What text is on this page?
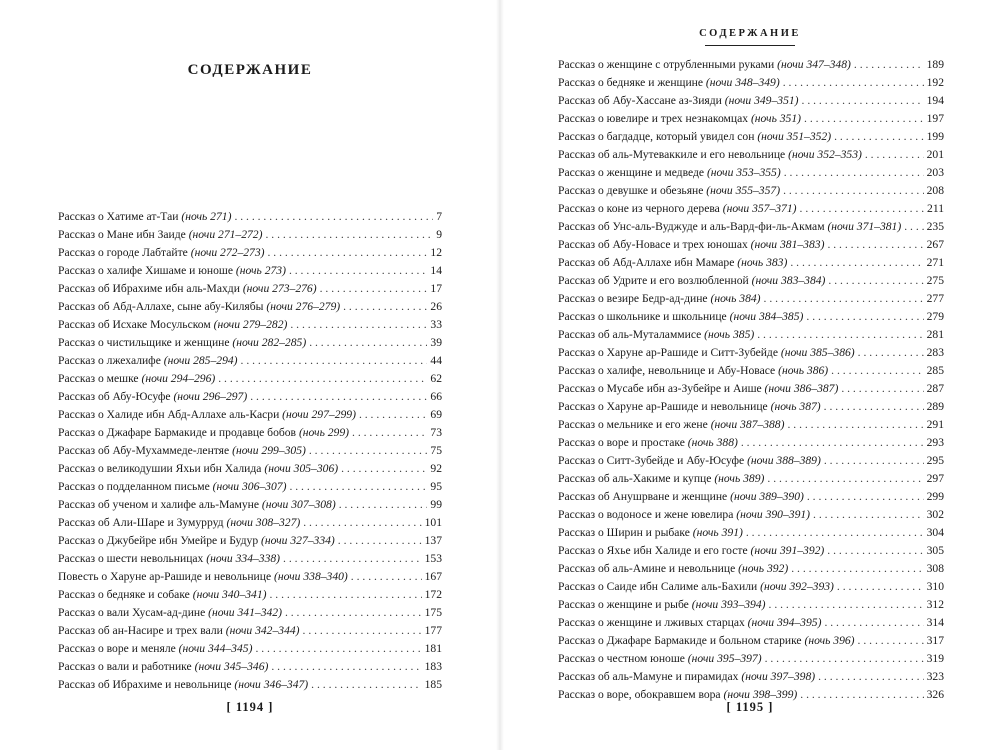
СОДЕРЖАНИЕ
Рассказ о Хатиме ат-Таи (ночь 271) . . .	7
Рассказ о Мане ибн Заиде (ночи 271–272) . . .	9
Рассказ о городе Лабтайте (ночи 272–273) . . .	12
Рассказ о халифе Хишаме и юноше (ночь 273) . . .	14
Рассказ об Ибрахиме ибн аль-Махди (ночи 273–276) . . .	17
Рассказ об Абд-Аллахе, сыне абу-Килябы (ночи 276–279) . . .	26
Рассказ об Исхаке Мосульском (ночи 279–282) . . .	33
Рассказ о чистильщике и женщине (ночи 282–285) . . .	39
Рассказ о лжехалифе (ночи 285–294) . . .	44
Рассказ о мешке (ночи 294–296) . . .	62
Рассказ об Абу-Юсуфе (ночи 296–297) . . .	66
Рассказ о Халиде ибн Абд-Аллахе аль-Касри (ночи 297–299) . . .	69
Рассказ о Джафаре Бармакиде и продавце бобов (ночь 299) . . .	73
Рассказ об Абу-Мухаммеде-лентяе (ночи 299–305) . . .	75
Рассказ о великодушии Яхьи ибн Халида (ночи 305–306) . . .	92
Рассказ о подделанном письме (ночи 306–307) . . .	95
Рассказ об ученом и халифе аль-Мамуне (ночи 307–308) . . .	99
Рассказ об Али-Шаре и Зумурруд (ночи 308–327) . . .	101
Рассказ о Джубейре ибн Умейре и Будур (ночи 327–334) . . .	137
Рассказ о шести невольницах (ночи 334–338) . . .	153
Повесть о Харуне ар-Рашиде и невольнице (ночи 338–340) . . .	167
Рассказ о бедняке и собаке (ночи 340–341) . . .	172
Рассказ о вали Хусам-ад-дине (ночи 341–342) . . .	175
Рассказ об ан-Насире и трех вали (ночи 342–344) . . .	177
Рассказ о воре и меняле (ночи 344–345) . . .	181
Рассказ о вали и работнике (ночи 345–346) . . .	183
Рассказ об Ибрахиме и невольнице (ночи 346–347) . . .	185
[ 1194 ]
СОДЕРЖАНИЕ
Рассказ о женщине с отрубленными руками (ночи 347–348) . . .	189
Рассказ о бедняке и женщине (ночи 348–349) . . .	192
Рассказ об Абу-Хассане аз-Зияди (ночи 349–351) . . .	194
Рассказ о ювелире и трех незнакомцах (ночь 351) . . .	197
Рассказ о багдадце, который увидел сон (ночи 351–352) . . .	199
Рассказ об аль-Мутеваккиле и его невольнице (ночи 352–353) . . .	201
Рассказ о женщине и медведе (ночи 353–355) . . .	203
Рассказ о девушке и обезьяне (ночи 355–357) . . .	208
Рассказ о коне из черного дерева (ночи 357–371) . . .	211
Рассказ об Унс-аль-Вуджуде и аль-Вард-фи-ль-Акмам (ночи 371–381) . . . 235
Рассказ об Абу-Новасе и трех юношах (ночи 381–383) . . .	267
Рассказ об Абд-Аллахе ибн Мамаре (ночь 383) . . .	271
Рассказ об Удрите и его возлюбленной (ночи 383–384) . . .	275
Рассказ о везире Бедр-ад-дине (ночь 384) . . .	277
Рассказ о школьнике и школьнице (ночи 384–385) . . .	279
Рассказ об аль-Муталаммисе (ночь 385) . . .	281
Рассказ о Харуне ар-Рашиде и Ситт-Зубейде (ночи 385–386) . . .	283
Рассказ о халифе, невольнице и Абу-Новасе (ночь 386) . . .	285
Рассказ о Мусабе ибн аз-Зубейре и Аише (ночи 386–387) . . .	287
Рассказ о Харуне ар-Рашиде и невольнице (ночь 387) . . .	289
Рассказ о мельнике и его жене (ночи 387–388) . . .	291
Рассказ о воре и простаке (ночь 388) . . .	293
Рассказ о Ситт-Зубейде и Абу-Юсуфе (ночи 388–389) . . .	295
Рассказ об аль-Хакиме и купце (ночь 389) . . .	297
Рассказ об Анушрване и женщине (ночи 389–390) . . .	299
Рассказ о водоносе и жене ювелира (ночи 390–391) . . .	302
Рассказ о Ширин и рыбаке (ночь 391) . . .	304
Рассказ о Яхье ибн Халиде и его госте (ночи 391–392) . . .	305
Рассказ об аль-Амине и невольнице (ночь 392) . . .	308
Рассказ о Саиде ибн Салиме аль-Бахили (ночи 392–393) . . .	310
Рассказ о женщине и рыбе (ночи 393–394) . . .	312
Рассказ о женщине и лживых старцах (ночи 394–395) . . .	314
Рассказ о Джафаре Бармакиде и больном старике (ночь 396) . . .	317
Рассказ о честном юноше (ночи 395–397) . . .	319
Рассказ об аль-Мамуне и пирамидах (ночи 397–398) . . .	323
Рассказ о воре, обокравшем вора (ночи 398–399) . . .	326
[ 1195 ]
